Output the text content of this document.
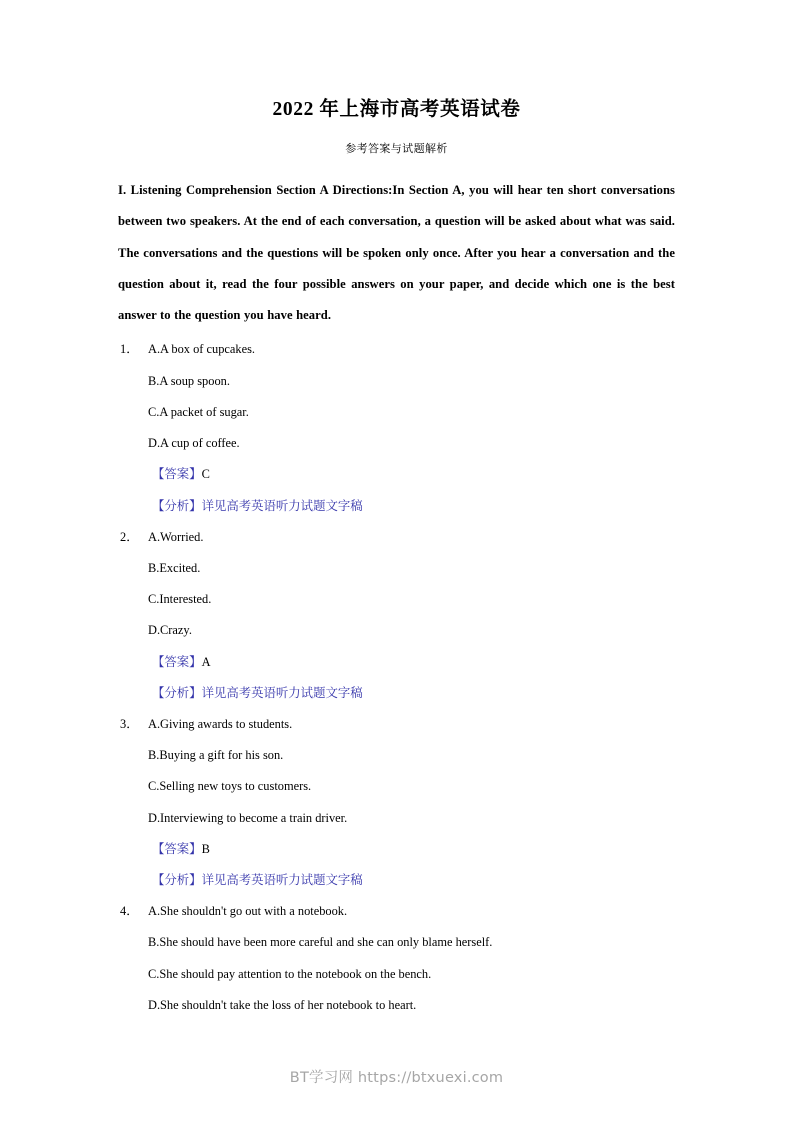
2022 年上海市高考英语试卷
参考答案与试题解析

I. Listening Comprehension Section A Directions:In Section A, you will hear ten short conversations between two speakers. At the end of each conversation, a question will be asked about what was said. The conversations and the questions will be spoken only once. After you hear a conversation and the question about it, read the four possible answers on your paper, and decide which one is the best answer to the question you have heard.

1． A.A box of cupcakes.
B.A soup spoon.
C.A packet of sugar.
D.A cup of coffee.
【答案】C
【分析】详见高考英语听力试题文字稿
2． A.Worried.
B.Excited.
C.Interested.
D.Crazy.
【答案】A
【分析】详见高考英语听力试题文字稿
3． A.Giving awards to students.
B.Buying a gift for his son.
C.Selling new toys to customers.
D.Interviewing to become a train driver.
【答案】B
【分析】详见高考英语听力试题文字稿
4． A.She shouldn't go out with a notebook.
B.She should have been more careful and she can only blame herself.
C.She should pay attention to the notebook on the bench.
D.She shouldn't take the loss of her notebook to heart.
BT学习网 https://btxuexi.com
